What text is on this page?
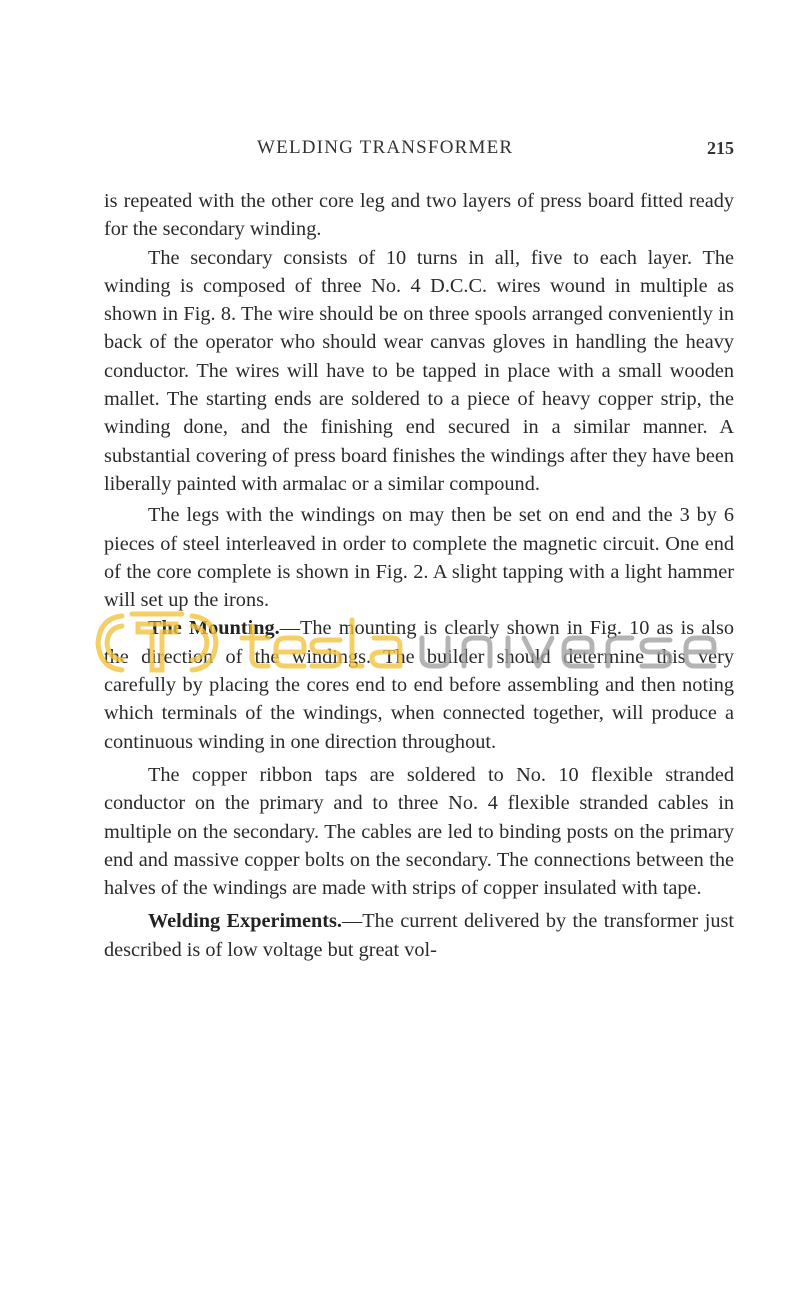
WELDING TRANSFORMER	215

is repeated with the other core leg and two layers of press board fitted ready for the secondary winding.

The secondary consists of 10 turns in all, five to each layer. The winding is composed of three No. 4 D.C.C. wires wound in multiple as shown in Fig. 8. The wire should be on three spools arranged conveniently in back of the operator who should wear canvas gloves in handling the heavy conductor. The wires will have to be tapped in place with a small wooden mallet. The starting ends are soldered to a piece of heavy copper strip, the winding done, and the finishing end secured in a similar manner. A substantial covering of press board finishes the windings after they have been liberally painted with armalac or a similar compound.

The legs with the windings on may then be set on end and the 3 by 6 pieces of steel interleaved in order to complete the magnetic circuit. One end of the core complete is shown in Fig. 2. A slight tapping with a light hammer will set up the irons.

The Mounting.—The mounting is clearly shown in Fig. 10 as is also the direction of the windings. The builder should determine this very carefully by placing the cores end to end before assembling and then noting which terminals of the windings, when connected together, will produce a continuous winding in one direction throughout.

The copper ribbon taps are soldered to No. 10 flexible stranded conductor on the primary and to three No. 4 flexible stranded cables in multiple on the secondary. The cables are led to binding posts on the primary end and massive copper bolts on the secondary. The connections between the halves of the windings are made with strips of copper insulated with tape.

Welding Experiments.—The current delivered by the transformer just described is of low voltage but great vol-
